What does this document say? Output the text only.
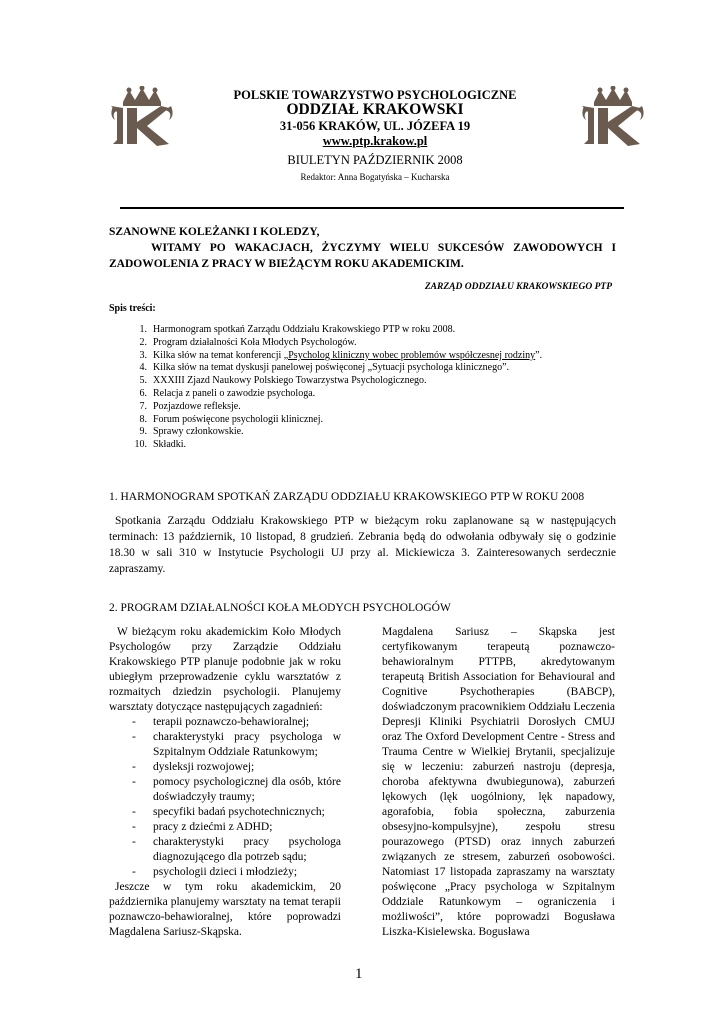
POLSKIE TOWARZYSTWO PSYCHOLOGICZNE
ODDZIAŁ KRAKOWSKI
31-056 KRAKÓW, UL. JÓZEFA 19
www.ptp.krakow.pl
BIULETYN PAŹDZIERNIK 2008
Redaktor: Anna Bogatyńska – Kucharska
SZANOWNE KOLEŻANKI I KOLEDZY,
WITAMY PO WAKACJACH, ŻYCZYMY WIELU SUKCESÓW ZAWODOWYCH I ZADOWOLENIA Z PRACY W BIEŻĄCYM ROKU AKADEMICKIM.
ZARZĄD ODDZIAŁU KRAKOWSKIEGO PTP
Spis treści:
1. Harmonogram spotkań Zarządu Oddziału Krakowskiego PTP w roku 2008.
2. Program działalności Koła Młodych Psychologów.
3. Kilka słów na temat konferencji „Psycholog kliniczny wobec problemów współczesnej rodziny”.
4. Kilka słów na temat dyskusji panelowej poświęconej „Sytuacji psychologa klinicznego”.
5. XXXIII Zjazd Naukowy Polskiego Towarzystwa Psychologicznego.
6. Relacja z paneli o zawodzie psychologa.
7. Pozjazdowe refleksje.
8. Forum poświęcone psychologii klinicznej.
9. Sprawy członkowskie.
10. Składki.
1. HARMONOGRAM SPOTKAŃ ZARZĄDU ODDZIAŁU KRAKOWSKIEGO PTP W ROKU 2008

Spotkania Zarządu Oddziału Krakowskiego PTP w bieżącym roku zaplanowane są w następujących terminach: 13 październik, 10 listopad, 8 grudzień. Zebrania będą do odwołania odbywały się o godzinie 18.30 w sali 310 w Instytucie Psychologii UJ przy al. Mickiewicza 3. Zainteresowanych serdecznie zapraszamy.

2. PROGRAM DZIAŁALNOŚCI KOŁA MŁODYCH PSYCHOLOGÓW

W bieżącym roku akademickim Koło Młodych Psychologów przy Zarządzie Oddziału Krakowskiego PTP planuje podobnie jak w roku ubiegłym przeprowadzenie cyklu warsztatów z rozmaitych dziedzin psychologii. Planujemy warsztaty dotyczące następujących zagadnień:

-	terapii poznawczo-behawioralnej;
-	charakterystyki pracy psychologa w Szpitalnym Oddziale Ratunkowym;
-	dysleksji rozwojowej;
-	pomocy psychologicznej dla osób, które doświadczyły traumy;
-	specyfiki badań psychotechnicznych;
-	pracy z dziećmi z ADHD;
-	charakterystyki pracy psychologa diagnozującego dla potrzeb sądu;
-	psychologii dzieci i młodzieży;

Jeszcze w tym roku akademickim, 20 października planujemy warsztaty na temat terapii poznawczo-behawioralnej, które poprowadzi Magdalena Sariusz-Skąpska.

Magdalena Sariusz – Skąpska jest certyfikowanym terapeutą poznawczo-behawioralnym PTTPB, akredytowanym terapeutą British Association for Behavioural and Cognitive Psychotherapies (BABCP), doświadczonym pracownikiem Oddziału Leczenia Depresji Kliniki Psychiatrii Dorosłych CMUJ oraz The Oxford Development Centre - Stress and Trauma Centre w Wielkiej Brytanii, specjalizuje się w leczeniu: zaburzeń nastroju (depresja, choroba afektywna dwubiegunowa), zaburzeń lękowych (lęk uogólniony, lęk napadowy, agorafobia, fobia społeczna, zaburzenia obsesyjno-kompulsyjne), zespołu stresu pourazowego (PTSD) oraz innych zaburzeń związanych ze stresem, zaburzeń osobowości. Natomiast 17 listopada zapraszamy na warsztaty poświęcone „Pracy psychologa w Szpitalnym Oddziale Ratunkowym – ograniczenia i możliwości”, które poprowadzi Bogusława Liszka-Kisielewska. Bogusława

1
